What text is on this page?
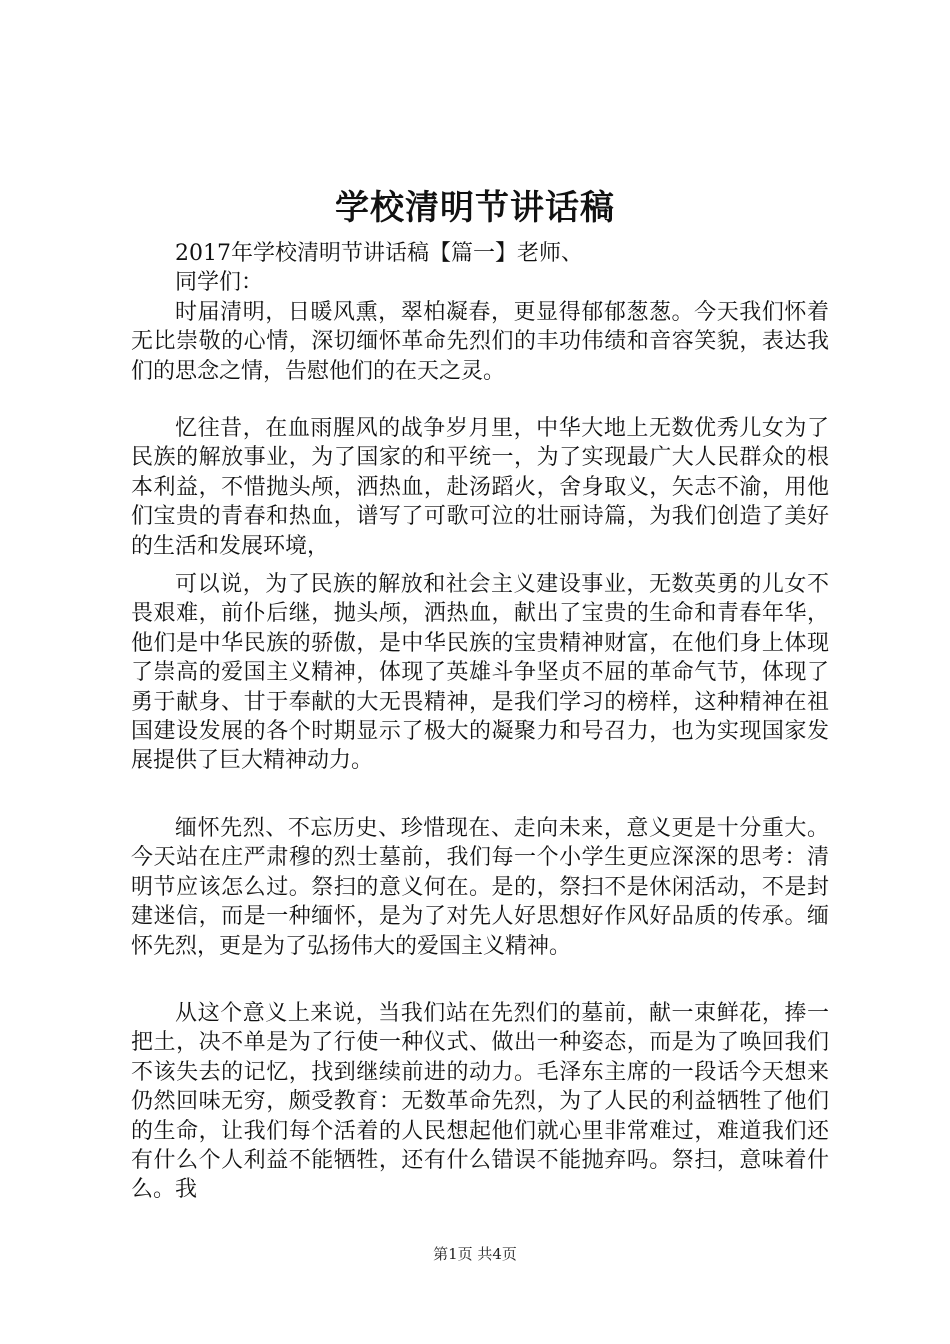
学校清明节讲话稿
2017年学校清明节讲话稿【篇一】老师、
同学们：

时届清明，日暖风熏，翠柏凝春，更显得郁郁葱葱。今天我们怀着无比崇敬的心情，深切缅怀革命先烈们的丰功伟绩和音容笑貌，表达我们的思念之情，告慰他们的在天之灵。

忆往昔，在血雨腥风的战争岁月里，中华大地上无数优秀儿女为了民族的解放事业，为了国家的和平统一，为了实现最广大人民群众的根本利益，不惜抛头颅，洒热血，赴汤蹈火，舍身取义，矢志不渝，用他们宝贵的青春和热血，谱写了可歌可泣的壮丽诗篇，为我们创造了美好的生活和发展环境，

可以说，为了民族的解放和社会主义建设事业，无数英勇的儿女不畏艰难，前仆后继，抛头颅，洒热血，献出了宝贵的生命和青春年华，他们是中华民族的骄傲，是中华民族的宝贵精神财富，在他们身上体现了崇高的爱国主义精神，体现了英雄斗争坚贞不屈的革命气节，体现了勇于献身、甘于奉献的大无畏精神，是我们学习的榜样，这种精神在祖国建设发展的各个时期显示了极大的凝聚力和号召力，也为实现国家发展提供了巨大精神动力。

缅怀先烈、不忘历史、珍惜现在、走向未来，意义更是十分重大。今天站在庄严肃穆的烈士墓前，我们每一个小学生更应深深的思考：清明节应该怎么过。祭扫的意义何在。是的，祭扫不是休闲活动，不是封建迷信，而是一种缅怀，是为了对先人好思想好作风好品质的传承。缅怀先烈，更是为了弘扬伟大的爱国主义精神。

从这个意义上来说，当我们站在先烈们的墓前，献一束鲜花，捧一把土，决不单是为了行使一种仪式、做出一种姿态，而是为了唤回我们不该失去的记忆，找到继续前进的动力。毛泽东主席的一段话今天想来仍然回味无穷，颇受教育：无数革命先烈，为了人民的利益牺牲了他们的生命，让我们每个活着的人民想起他们就心里非常难过，难道我们还有什么个人利益不能牺牲，还有什么错误不能抛弃吗。祭扫，意味着什么。我

第1页 共4页
